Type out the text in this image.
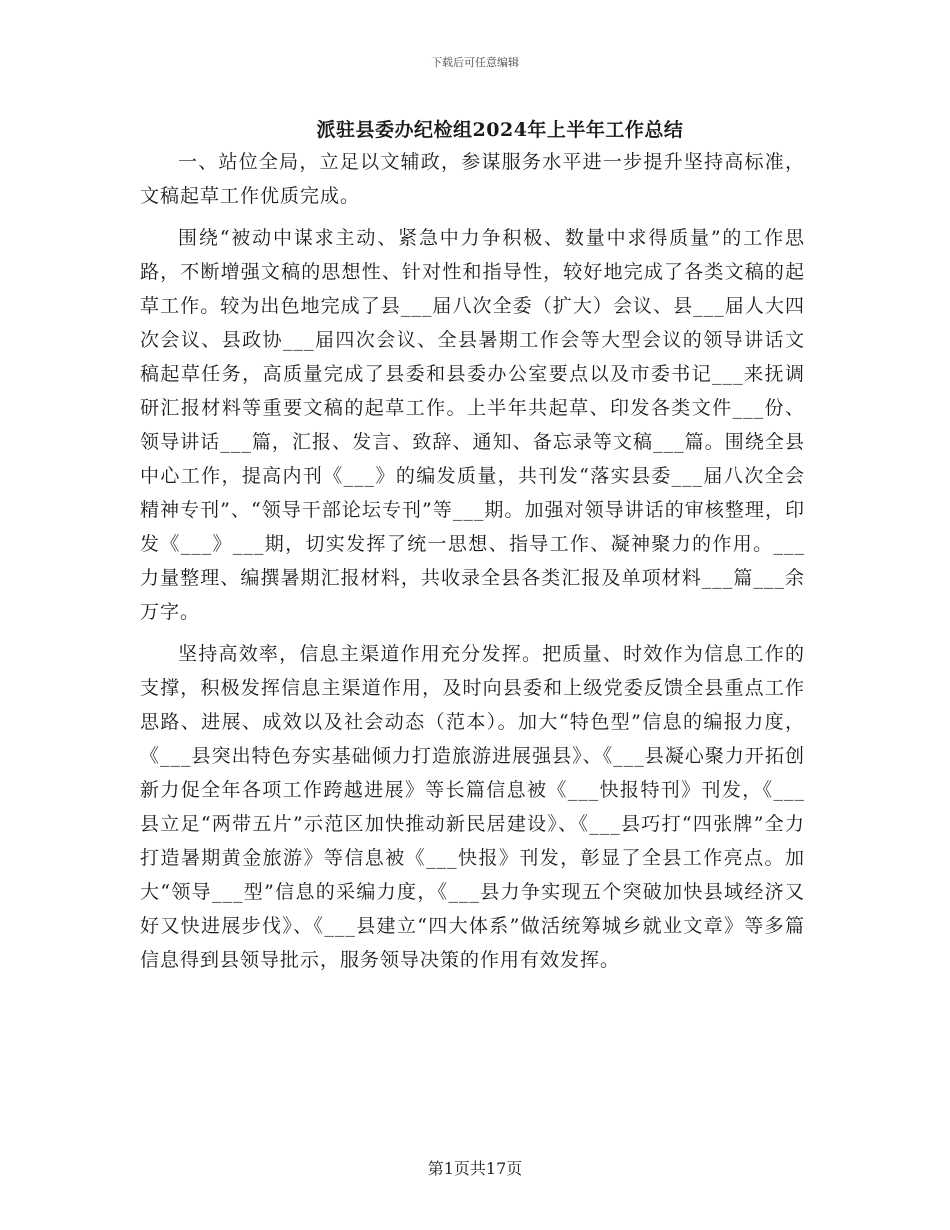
下载后可任意编辑
派驻县委办纪检组2024年上半年工作总结

一、站位全局，立足以文辅政，参谋服务水平进一步提升坚持高标准，文稿起草工作优质完成。

围绕“被动中谋求主动、紧急中力争积极、数量中求得质量”的工作思路，不断增强文稿的思想性、针对性和指导性，较好地完成了各类文稿的起草工作。较为出色地完成了县___届八次全委（扩大）会议、县___届人大四次会议、县政协___届四次会议、全县暑期工作会等大型会议的领导讲话文稿起草任务，高质量完成了县委和县委办公室要点以及市委书记___来抚调研汇报材料等重要文稿的起草工作。上半年共起草、印发各类文件___份、领导讲话___篇，汇报、发言、致辞、通知、备忘录等文稿___篇。围绕全县中心工作，提高内刊《___》的编发质量，共刊发“落实县委___届八次全会精神专刊”、“领导干部论坛专刊”等___期。加强对领导讲话的审核整理，印发《___》___期，切实发挥了统一思想、指导工作、凝神聚力的作用。___力量整理、编撰暑期汇报材料，共收录全县各类汇报及单项材料___篇___余万字。

坚持高效率，信息主渠道作用充分发挥。把质量、时效作为信息工作的支撑，积极发挥信息主渠道作用，及时向县委和上级党委反馈全县重点工作思路、进展、成效以及社会动态（范本）。加大“特色型”信息的编报力度，《___县突出特色夯实基础倾力打造旅游进展强县》、《___县凝心聚力开拓创新力促全年各项工作跨越进展》等长篇信息被《___快报特刊》刊发，《___县立足“两带五片”示范区加快推动新民居建设》、《___县巧打“四张牌”全力打造暑期黄金旅游》等信息被《___快报》刊发，彰显了全县工作亮点。加大“领导___型”信息的采编力度，《___县力争实现五个突破加快县域经济又好又快进展步伐》、《___县建立“四大体系”做活统筹城乡就业文章》等多篇信息得到县领导批示，服务领导决策的作用有效发挥。

第1页共17页
